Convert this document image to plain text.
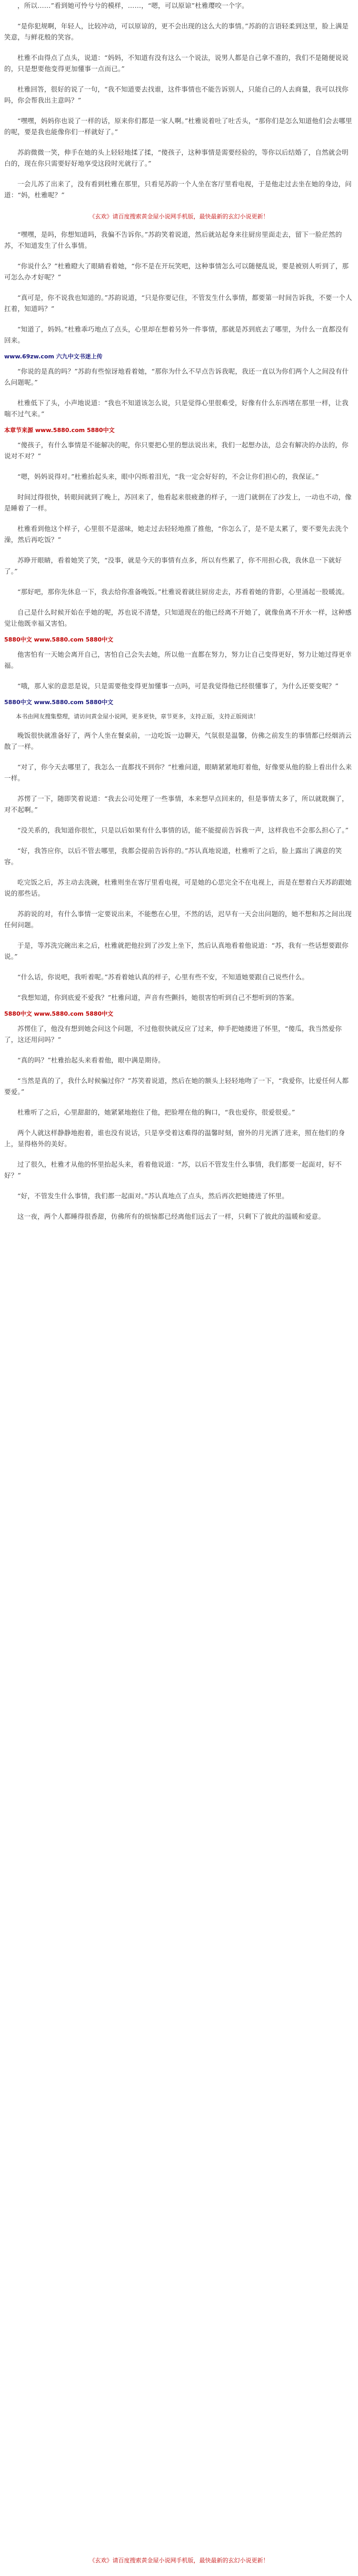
，所以……”看到她可怜兮兮的模样，……，“嗯，可以原谅”杜雅璎咬一个字。

“是你犯规啊，年轻人，比较冲动，可以原谅的，更不会出现的这么大的事情。”苏韵的言语轻柔到这里，脸上满是笑意，与鲜花般的笑容。

杜雅不由得点了点头，说道：“妈妈，不知道有没有这么一个说法，说男人都是自己拿不准的，我们不是随便说说的，只是想要他变得更加懂事一点而已。”

杜雅回答，很好的说了一句，“我不知道要去找谁，这件事情也不能告诉别人，只能自己的人去商量，我可以找你吗，你会帮我出主意吗？”

“嘿嘿，妈妈你也说了一样的话，原来你们都是一家人啊。”杜雅说着吐了吐舌头，“那你们是怎么知道他们会去哪里的呢，要是我也能像你们一样就好了。”

苏韵微微一笑，伸手在她的头上轻轻地揉了揉，“傻孩子，这种事情是需要经验的，等你以后结婚了，自然就会明白的，现在你只需要好好地享受这段时光就行了。”

一会儿苏了出来了，没有看到杜雅在那里，只看见苏韵一个人坐在客厅里看电视，于是他走过去坐在她的身边，问道：“妈，杜雅呢？”

《玄欢》请百度搜索黄金屋小说网手机版，最快最新的玄幻小说更新！

“嘿嘿，是吗，你想知道吗，我偏不告诉你。”苏韵笑着说道，然后就站起身来往厨房里面走去，留下一脸茫然的苏，不知道发生了什么事情。

“你说什么？”杜雅瞪大了眼睛看着她，“你不是在开玩笑吧，这种事情怎么可以随便乱说，要是被别人听到了，那可怎么办才好呢？”

“真可是，你不说我也知道的。”苏韵说道，“只是你要记住，不管发生什么事情，都要第一时间告诉我，不要一个人扛着，知道吗？”

“知道了，妈妈。”杜雅乖巧地点了点头，心里却在想着另外一件事情，那就是苏到底去了哪里，为什么一直都没有回来。

www.69zw.com 六九中文书迷上传

“你说的是真的吗？”苏韵有些惊讶地看着她，“那你为什么不早点告诉我呢，我还一直以为你们两个人之间没有什么问题呢。”

杜雅低下了头，小声地说道：“我也不知道该怎么说，只是觉得心里很难受，好像有什么东西堵在那里一样，让我喘不过气来。”

本章节来源 www.5880.com 5880中文

“傻孩子，有什么事情是不能解决的呢，你只要把心里的想法说出来，我们一起想办法，总会有解决的办法的，你说对不对？”

“嗯，妈妈说得对。”杜雅抬起头来，眼中闪烁着泪光，“我一定会好好的，不会让你们担心的，我保证。”

时间过得很快，转眼间就到了晚上，苏回来了，他看起来很疲惫的样子，一进门就倒在了沙发上，一动也不动，像是睡着了一样。

杜雅看到他这个样子，心里很不是滋味，她走过去轻轻地推了推他，“你怎么了，是不是太累了，要不要先去洗个澡，然后再吃饭？”

苏睁开眼睛，看着她笑了笑，“没事，就是今天的事情有点多，所以有些累了，你不用担心我，我休息一下就好了。”

“那好吧，那你先休息一下，我去给你准备晚饭。”杜雅说着就往厨房走去，苏看着她的背影，心里涌起一股暖流。

自己是什么时候开始在乎她的呢，苏也说不清楚，只知道现在的他已经离不开她了，就像鱼离不开水一样，这种感觉让他既幸福又害怕。

5880中文 www.5880.com 5880中文

他害怕有一天她会离开自己，害怕自己会失去她，所以他一直都在努力，努力让自己变得更好，努力让她过得更幸福。

“哦，那人家的意思是说，只是需要他变得更加懂事一点吗，可是我觉得他已经很懂事了，为什么还要变呢？”

5880中文 www.5880.com 5880中文
本书由网友搜集整理，请访问黄金屋小说网，更多更快，章节更多，支持正版，支持正版阅读！

晚饭很快就准备好了，两个人坐在餐桌前，一边吃饭一边聊天，气氛很是温馨，仿佛之前发生的事情都已经烟消云散了一样。

“对了，你今天去哪里了，我怎么一直都找不到你？”杜雅问道，眼睛紧紧地盯着他，好像要从他的脸上看出什么来一样。

苏愣了一下，随即笑着说道：“我去公司处理了一些事情，本来想早点回来的，但是事情太多了，所以就耽搁了，对不起啊。”

“没关系的，我知道你很忙，只是以后如果有什么事情的话，能不能提前告诉我一声，这样我也不会那么担心了。”

“好，我答应你，以后不管去哪里，我都会提前告诉你的。”苏认真地说道，杜雅听了之后，脸上露出了满意的笑容。

吃完饭之后，苏主动去洗碗，杜雅则坐在客厅里看电视，可是她的心思完全不在电视上，而是在想着白天苏韵跟她说的那些话。

苏韵说的对，有什么事情一定要说出来，不能憋在心里，不然的话，迟早有一天会出问题的，她不想和苏之间出现任何问题。

于是，等苏洗完碗出来之后，杜雅就把他拉到了沙发上坐下，然后认真地看着他说道：“苏，我有一些话想要跟你说。”

“什么话，你说吧，我听着呢。”苏看着她认真的样子，心里有些不安，不知道她要跟自己说些什么。

“我想知道，你到底爱不爱我？”杜雅问道，声音有些颤抖，她很害怕听到自己不想听到的答案。

5880中文 www.5880.com 5880中文

苏愣住了，他没有想到她会问这个问题，不过他很快就反应了过来，伸手把她搂进了怀里，“傻瓜，我当然爱你了，这还用问吗？”

“真的吗？”杜雅抬起头来看着他，眼中满是期待。

“当然是真的了，我什么时候骗过你？”苏笑着说道，然后在她的额头上轻轻地吻了一下，“我爱你，比爱任何人都要爱。”

杜雅听了之后，心里甜甜的，她紧紧地抱住了他，把脸埋在他的胸口，“我也爱你，很爱很爱。”

两个人就这样静静地抱着，谁也没有说话，只是享受着这难得的温馨时刻，窗外的月光洒了进来，照在他们的身上，显得格外的美好。

过了很久，杜雅才从他的怀里抬起头来，看着他说道：“苏，以后不管发生什么事情，我们都要一起面对，好不好？”

“好，不管发生什么事情，我们都一起面对。”苏认真地点了点头，然后再次把她搂进了怀里。

这一夜，两个人都睡得很香甜，仿佛所有的烦恼都已经离他们远去了一样，只剩下了彼此的温暖和爱意。

《玄欢》请百度搜索黄金屋小说网手机版，最快最新的玄幻小说更新！
